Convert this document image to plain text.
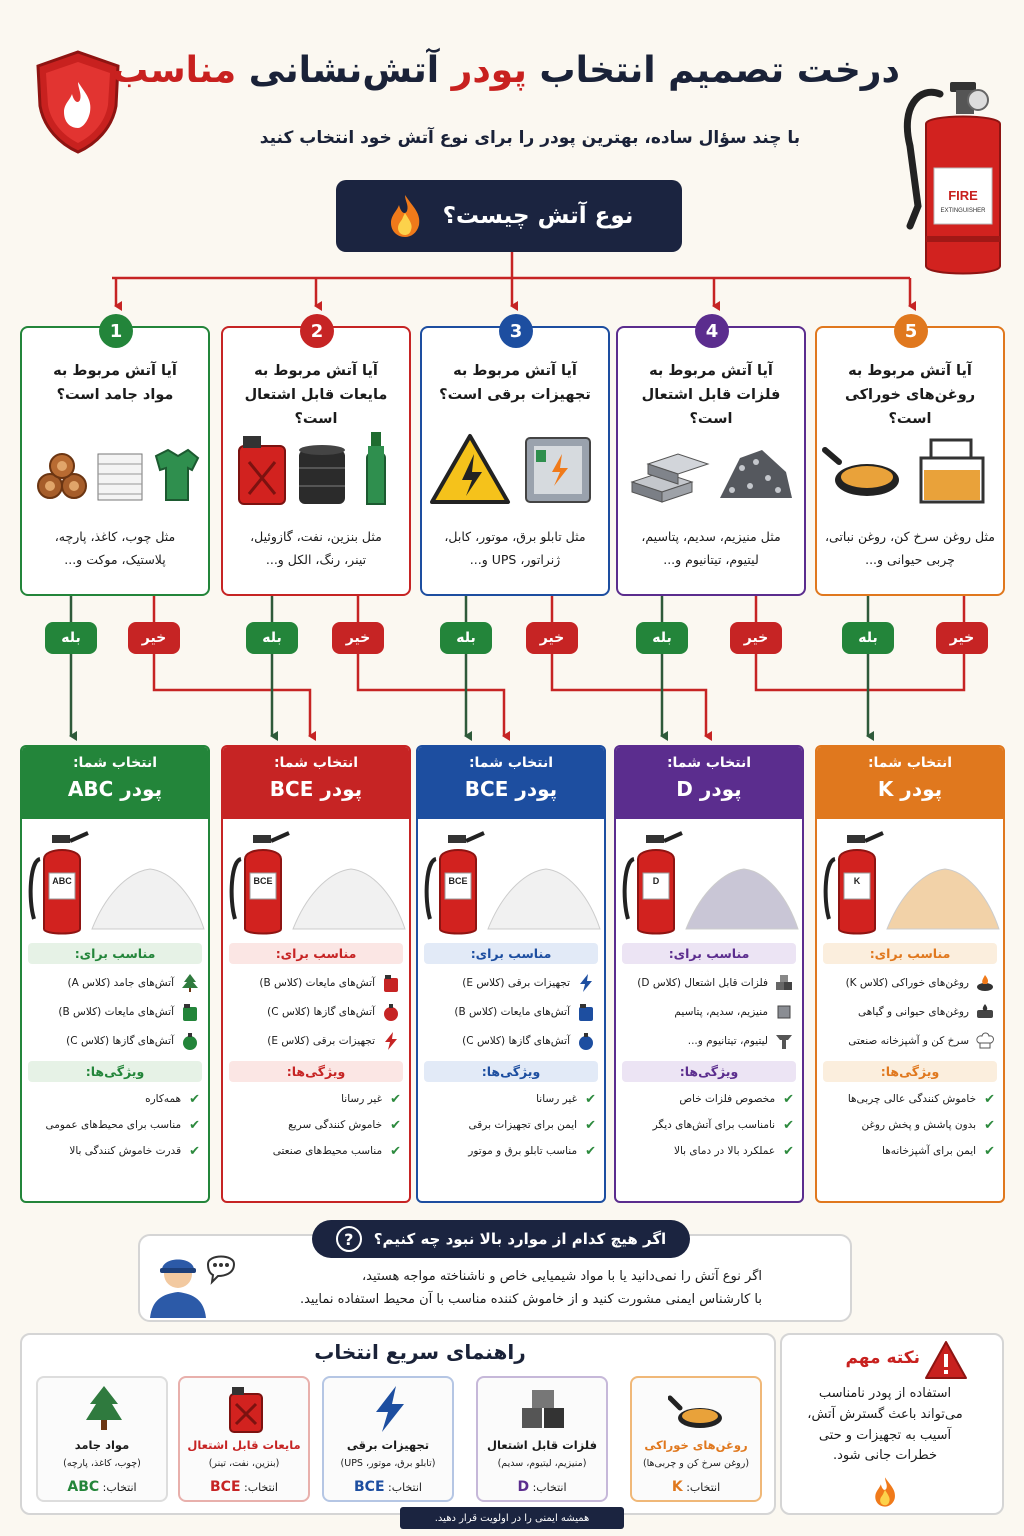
درخت تصمیم انتخاب پودر آتش‌نشانی مناسب
با چند سؤال ساده، بهترین پودر را برای نوع آتش خود انتخاب کنید
FIRE
EXTINGUISHER
نوع آتش چیست؟
1
آیا آتش مربوط به
مواد جامد است؟
مثل چوب، کاغذ، پارچه،
پلاستیک، موکت و...
2
آیا آتش مربوط به
مایعات قابل اشتعال است؟
مثل بنزین، نفت، گازوئیل،
تینر، رنگ، الکل و...
3
آیا آتش مربوط به
تجهیزات برقی است؟
مثل تابلو برق، موتور، کابل،
ژنراتور، UPS و...
4
آیا آتش مربوط به
فلزات قابل اشتعال است؟
مثل منیزیم، سدیم، پتاسیم،
لیتیوم، تیتانیوم و...
5
آیا آتش مربوط به
روغن‌های خوراکی است؟
مثل روغن سرخ کن، روغن نباتی،
چربی حیوانی و...
بله	خیر	بله	خیر	بله	خیر	بله	خیر	بله	خیر
انتخاب شما:
پودر ABC
ABC
مناسب برای:
آتش‌های جامد (کلاس A)
آتش‌های مایعات (کلاس B)
آتش‌های گازها (کلاس C)
ویژگی‌ها:
✔
همه‌کاره
✔
مناسب برای محیط‌های عمومی
✔
قدرت خاموش کنندگی بالا
انتخاب شما:
پودر BCE
BCE
مناسب برای:
آتش‌های مایعات (کلاس B)
آتش‌های گازها (کلاس C)
تجهیزات برقی (کلاس E)
ویژگی‌ها:
✔
غیر رسانا
✔
خاموش کنندگی سریع
✔
مناسب محیط‌های صنعتی
انتخاب شما:
پودر BCE
BCE
مناسب برای:
تجهیزات برقی (کلاس E)
آتش‌های مایعات (کلاس B)
آتش‌های گازها (کلاس C)
ویژگی‌ها:
✔
غیر رسانا
✔
ایمن برای تجهیزات برقی
✔
مناسب تابلو برق و موتور
انتخاب شما:
پودر D
D
مناسب برای:
فلزات قابل اشتعال (کلاس D)
منیزیم، سدیم، پتاسیم
لیتیوم، تیتانیوم و...
ویژگی‌ها:
✔
مخصوص فلزات خاص
✔
نامناسب برای آتش‌های دیگر
✔
عملکرد بالا در دمای بالا
انتخاب شما:
پودر K
K
مناسب برای:
روغن‌های خوراکی (کلاس K)
روغن‌های حیوانی و گیاهی
سرخ کن و آشپزخانه صنعتی
ویژگی‌ها:
✔
خاموش کنندگی عالی چربی‌ها
✔
بدون پاشش و پخش روغن
✔
ایمن برای آشپزخانه‌ها
اگر هیچ کدام از موارد بالا نبود چه کنیم؟
?
اگر نوع آتش را نمی‌دانید یا با مواد شیمیایی خاص و ناشناخته مواجه هستید،
با کارشناس ایمنی مشورت کنید و از خاموش کننده مناسب با آن محیط استفاده نمایید.
راهنمای سریع انتخاب
روغن‌های خوراکی
(روغن سرخ کن و چربی‌ها)
انتخاب: K
فلزات قابل اشتعال
(منیزیم، لیتیوم، سدیم)
انتخاب: D
تجهیزات برقی
(تابلو برق، موتور، UPS)
انتخاب: BCE
مایعات قابل اشتعال
(بنزین، نفت، تینر)
انتخاب: BCE
مواد جامد
(چوب، کاغذ، پارچه)
انتخاب: ABC
نکته مهم
استفاده از پودر نامناسب
می‌تواند باعث گسترش آتش،
آسیب به تجهیزات و حتی
خطرات جانی شود.
همیشه ایمنی را در اولویت قرار دهید.
